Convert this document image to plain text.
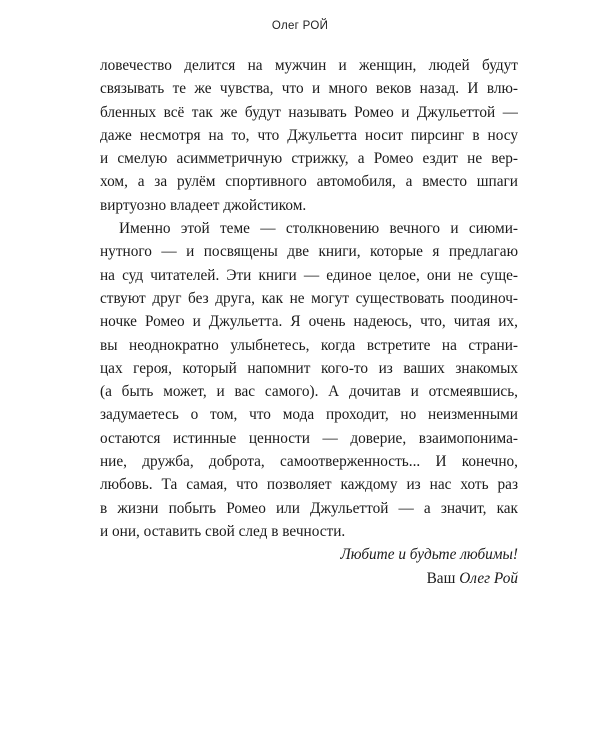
Олег РОЙ
ловечество делится на мужчин и женщин, людей будут
связывать те же чувства, что и много веков назад. И влю-
бленных всё так же будут называть Ромео и Джульеттой —
даже несмотря на то, что Джульетта носит пирсинг в носу
и смелую асимметричную стрижку, а Ромео ездит не вер-
хом, а за рулём спортивного автомобиля, а вместо шпаги
виртуозно владеет джойстиком.
Именно этой теме — столкновению вечного и сиюми-
нутного — и посвящены две книги, которые я предлагаю
на суд читателей. Эти книги — единое целое, они не суще-
ствуют друг без друга, как не могут существовать поодиноч-
ночке Ромео и Джульетта. Я очень надеюсь, что, читая их,
вы неоднократно улыбнетесь, когда встретите на страни-
цах героя, который напомнит кого-то из ваших знакомых
(а быть может, и вас самого). А дочитав и отсмеявшись,
задумаетесь о том, что мода проходит, но неизменными
остаются истинные ценности — доверие, взаимопонима-
ние, дружба, доброта, самоотверженность... И конечно,
любовь. Та самая, что позволяет каждому из нас хоть раз
в жизни побыть Ромео или Джульеттой — а значит, как
и они, оставить свой след в вечности.
Любите и будьте любимы!
Ваш Олег Рой
